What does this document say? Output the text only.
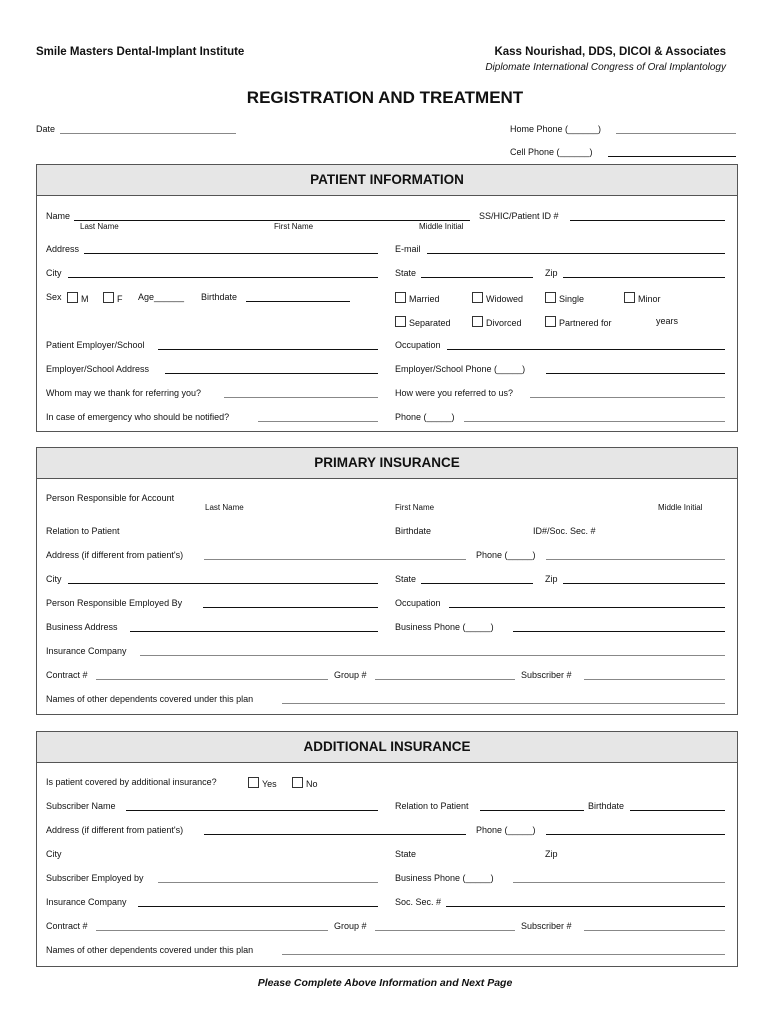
Smile Masters Dental-Implant Institute	Kass Nourishad, DDS, DICOI & Associates
Diplomate International Congress of Oral Implantology
REGISTRATION AND TREATMENT
Date	Home Phone (______)
Cell Phone (______)
PATIENT INFORMATION
Name
Last Name	First Name	Middle Initial
SS/HIC/Patient ID #
Address	E-mail
City	State	Zip
Sex	M	F Age______ Birthdate	Married	Widowed	Single	Minor
Separated	Divorced	Partnered for	years
Patient Employer/School	Occupation
Employer/School Address	Employer/School Phone (_____)
Whom may we thank for referring you?	How were you referred to us?
In case of emergency who should be notified?	Phone (_____)
PRIMARY INSURANCE
Person Responsible for Account
Last Name	First Name	Middle Initial
Relation to Patient	Birthdate	ID#/Soc. Sec. #
Address (if different from patient's)	Phone (_____)
City	State	Zip
Person Responsible Employed By	Occupation
Business Address	Business Phone (_____)
Insurance Company
Contract #	Group #	Subscriber #
Names of other dependents covered under this plan
ADDITIONAL INSURANCE
Is patient covered by additional insurance?	Yes	No
Subscriber Name	Relation to Patient	Birthdate
Address (if different from patient's)	Phone (_____)
City	State	Zip
Subscriber Employed by	Business Phone (_____)
Insurance Company	Soc. Sec. #
Contract #	Group #	Subscriber #
Names of other dependents covered under this plan
Please Complete Above Information and Next Page
